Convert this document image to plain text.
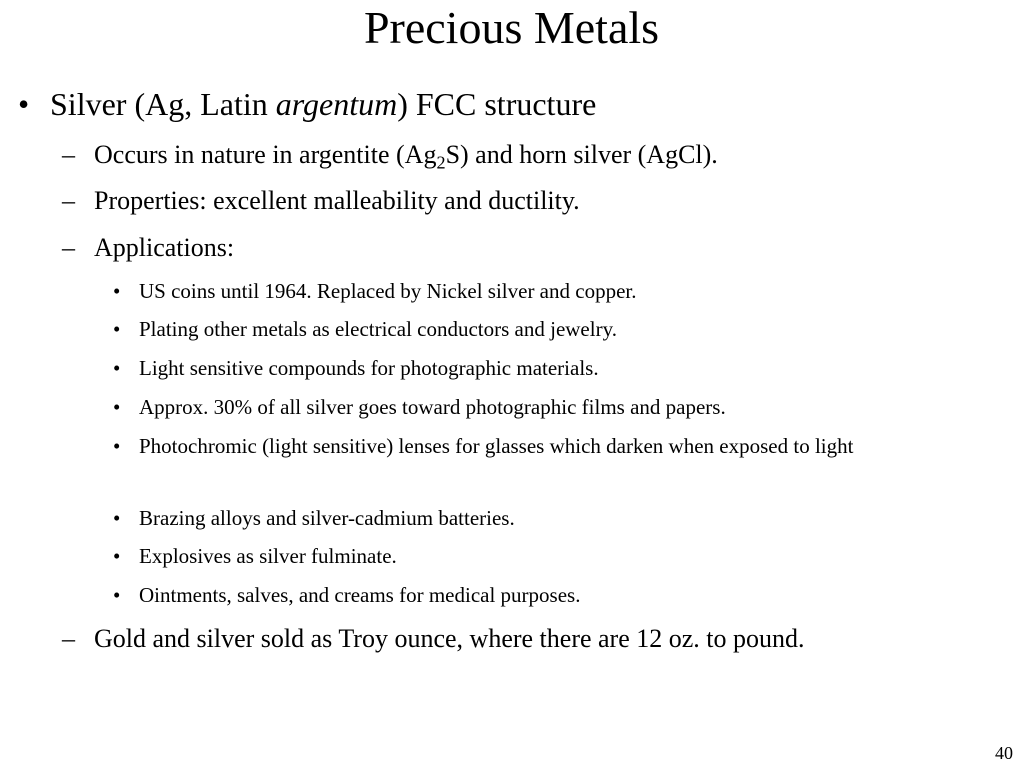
Precious Metals
• Silver (Ag, Latin argentum) FCC structure
– Occurs in nature in argentite $(Ag_2S)$ and horn silver (AgCl).
– Properties: excellent malleability and ductility.
– Applications:
• US coins until 1964. Replaced by Nickel silver and copper.
• Plating other metals as electrical conductors and jewelry.
• Light sensitive compounds for photographic materials.
• Approx. 30% of all silver goes toward photographic films and papers.
• Photochromic (light sensitive) lenses for glasses which darken when exposed to light
• Brazing alloys and silver-cadmium batteries.
• Explosives as silver fulminate.
• Ointments, salves, and creams for medical purposes.
– Gold and silver sold as Troy ounce, where there are 12 oz. to pound.
40
